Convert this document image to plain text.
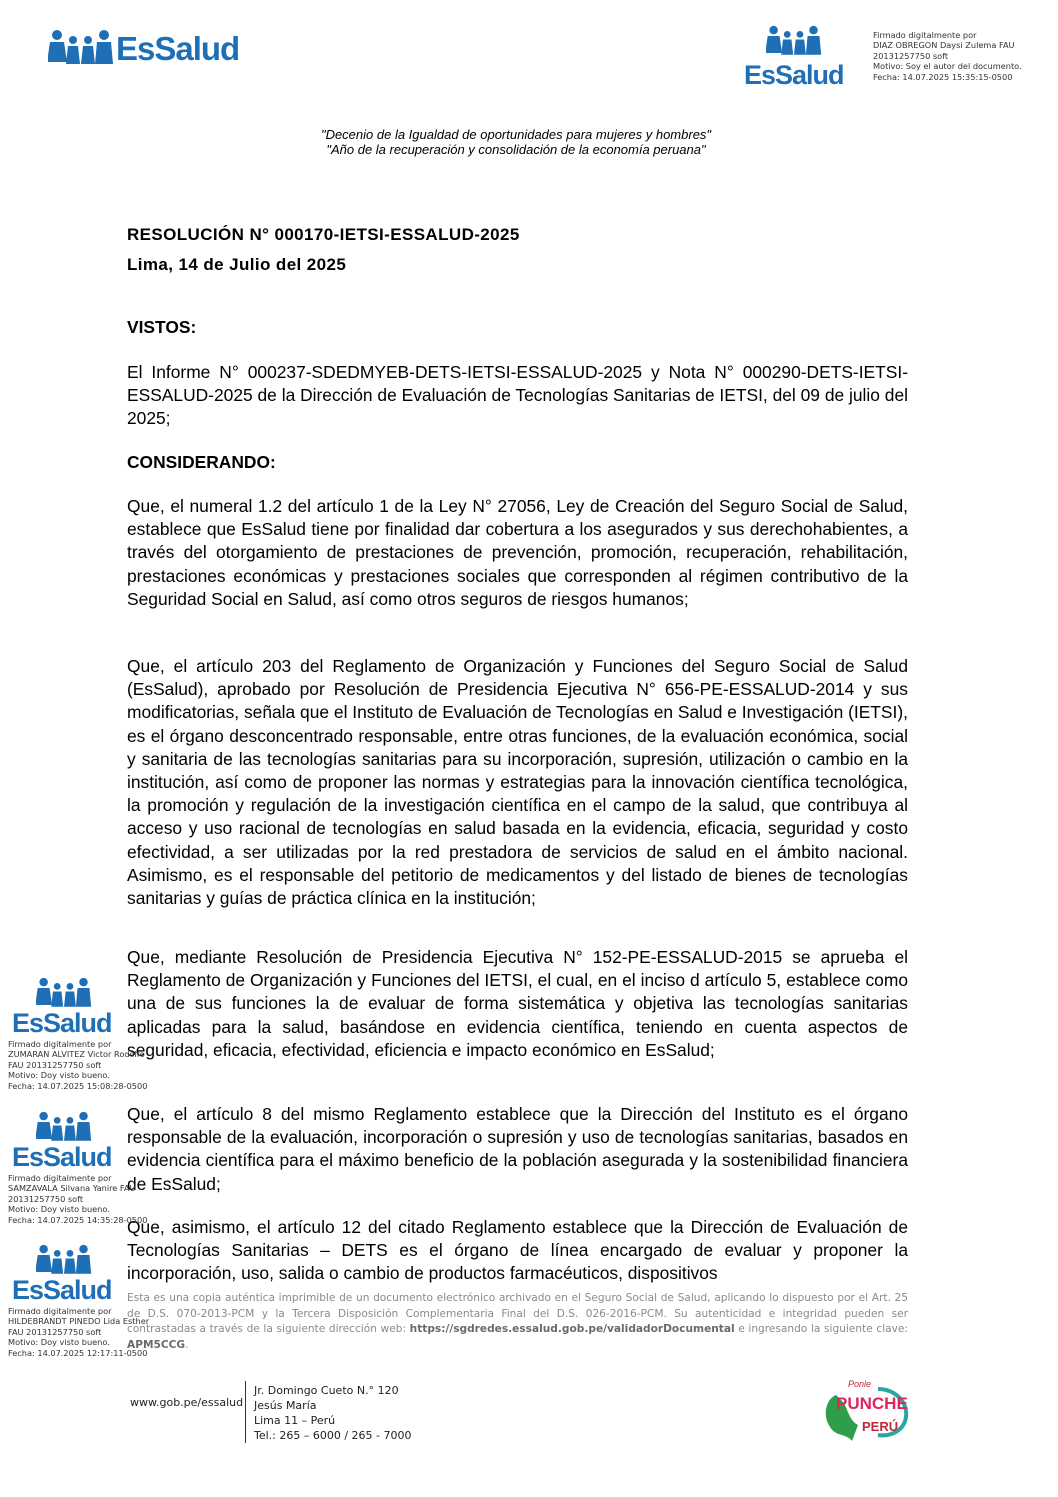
EsSalud
EsSalud
Firmado digitalmente por
DIAZ OBREGON Daysi Zulema FAU
20131257750 soft
Motivo: Soy el autor del documento.
Fecha: 14.07.2025 15:35:15-0500
"Decenio de la Igualdad de oportunidades para mujeres y hombres"
"Año de la recuperación y consolidación de la economía peruana"
RESOLUCIÓN N° 000170-IETSI-ESSALUD-2025
Lima, 14 de Julio del 2025
VISTOS:

El Informe N° 000237-SDEDMYEB-DETS-IETSI-ESSALUD-2025 y Nota N° 000290-DETS-IETSI-ESSALUD-2025 de la Dirección de Evaluación de Tecnologías Sanitarias de IETSI, del 09 de julio del 2025;

CONSIDERANDO:

Que, el numeral 1.2 del artículo 1 de la Ley N° 27056, Ley de Creación del Seguro Social de Salud, establece que EsSalud tiene por finalidad dar cobertura a los asegurados y sus derechohabientes, a través del otorgamiento de prestaciones de prevención, promoción, recuperación, rehabilitación, prestaciones económicas y prestaciones sociales que corresponden al régimen contributivo de la Seguridad Social en Salud, así como otros seguros de riesgos humanos;

Que, el artículo 203 del Reglamento de Organización y Funciones del Seguro Social de Salud (EsSalud), aprobado por Resolución de Presidencia Ejecutiva N° 656-PE-ESSALUD-2014 y sus modificatorias, señala que el Instituto de Evaluación de Tecnologías en Salud e Investigación (IETSI), es el órgano desconcentrado responsable, entre otras funciones, de la evaluación económica, social y sanitaria de las tecnologías sanitarias para su incorporación, supresión, utilización o cambio en la institución, así como de proponer las normas y estrategias para la innovación científica tecnológica, la promoción y regulación de la investigación científica en el campo de la salud, que contribuya al acceso y uso racional de tecnologías en salud basada en la evidencia, eficacia, seguridad y costo efectividad, a ser utilizadas por la red prestadora de servicios de salud en el ámbito nacional. Asimismo, es el responsable del petitorio de medicamentos y del listado de bienes de tecnologías sanitarias y guías de práctica clínica en la institución;

Que, mediante Resolución de Presidencia Ejecutiva N° 152-PE-ESSALUD-2015 se aprueba el Reglamento de Organización y Funciones del IETSI, el cual, en el inciso d artículo 5, establece como una de sus funciones la de evaluar de forma sistemática y objetiva las tecnologías sanitarias aplicadas para la salud, basándose en evidencia científica, teniendo en cuenta aspectos de seguridad, eficacia, efectividad, eficiencia e impacto económico en EsSalud;

Que, el artículo 8 del mismo Reglamento establece que la Dirección del Instituto es el órgano responsable de la evaluación, incorporación o supresión y uso de tecnologías sanitarias, basados en evidencia científica para el máximo beneficio de la población asegurada y la sostenibilidad financiera de EsSalud;

Que, asimismo, el artículo 12 del citado Reglamento establece que la Dirección de Evaluación de Tecnologías Sanitarias – DETS es el órgano de línea encargado de evaluar y proponer la incorporación, uso, salida o cambio de productos farmacéuticos, dispositivos

EsSalud
Firmado digitalmente por
ZUMARAN ALVITEZ Victor Rodolfo
FAU 20131257750 soft
Motivo: Doy visto bueno.
Fecha: 14.07.2025 15:08:28-0500
EsSalud
Firmado digitalmente por
SAMZAVALA Silvana Yanire FAU
20131257750 soft
Motivo: Doy visto bueno.
Fecha: 14.07.2025 14:35:28-0500
EsSalud
Firmado digitalmente por
HILDEBRANDT PINEDO Lida Esther
FAU 20131257750 soft
Motivo: Doy visto bueno.
Fecha: 14.07.2025 12:17:11-0500
Esta es una copia auténtica imprimible de un documento electrónico archivado en el Seguro Social de Salud, aplicando lo dispuesto por el Art. 25 de D.S. 070-2013-PCM y la Tercera Disposición Complementaria Final del D.S. 026-2016-PCM. Su autenticidad e integridad pueden ser contrastadas a través de la siguiente dirección web: https://sgdredes.essalud.gob.pe/validadorDocumental e ingresando la siguiente clave: APM5CCG.
www.gob.pe/essalud
Jr. Domingo Cueto N.° 120
Jesús María
Lima 11 – Perú
Tel.: 265 – 6000 / 265 - 7000
Ponle
PUNCHE
PERÚ
